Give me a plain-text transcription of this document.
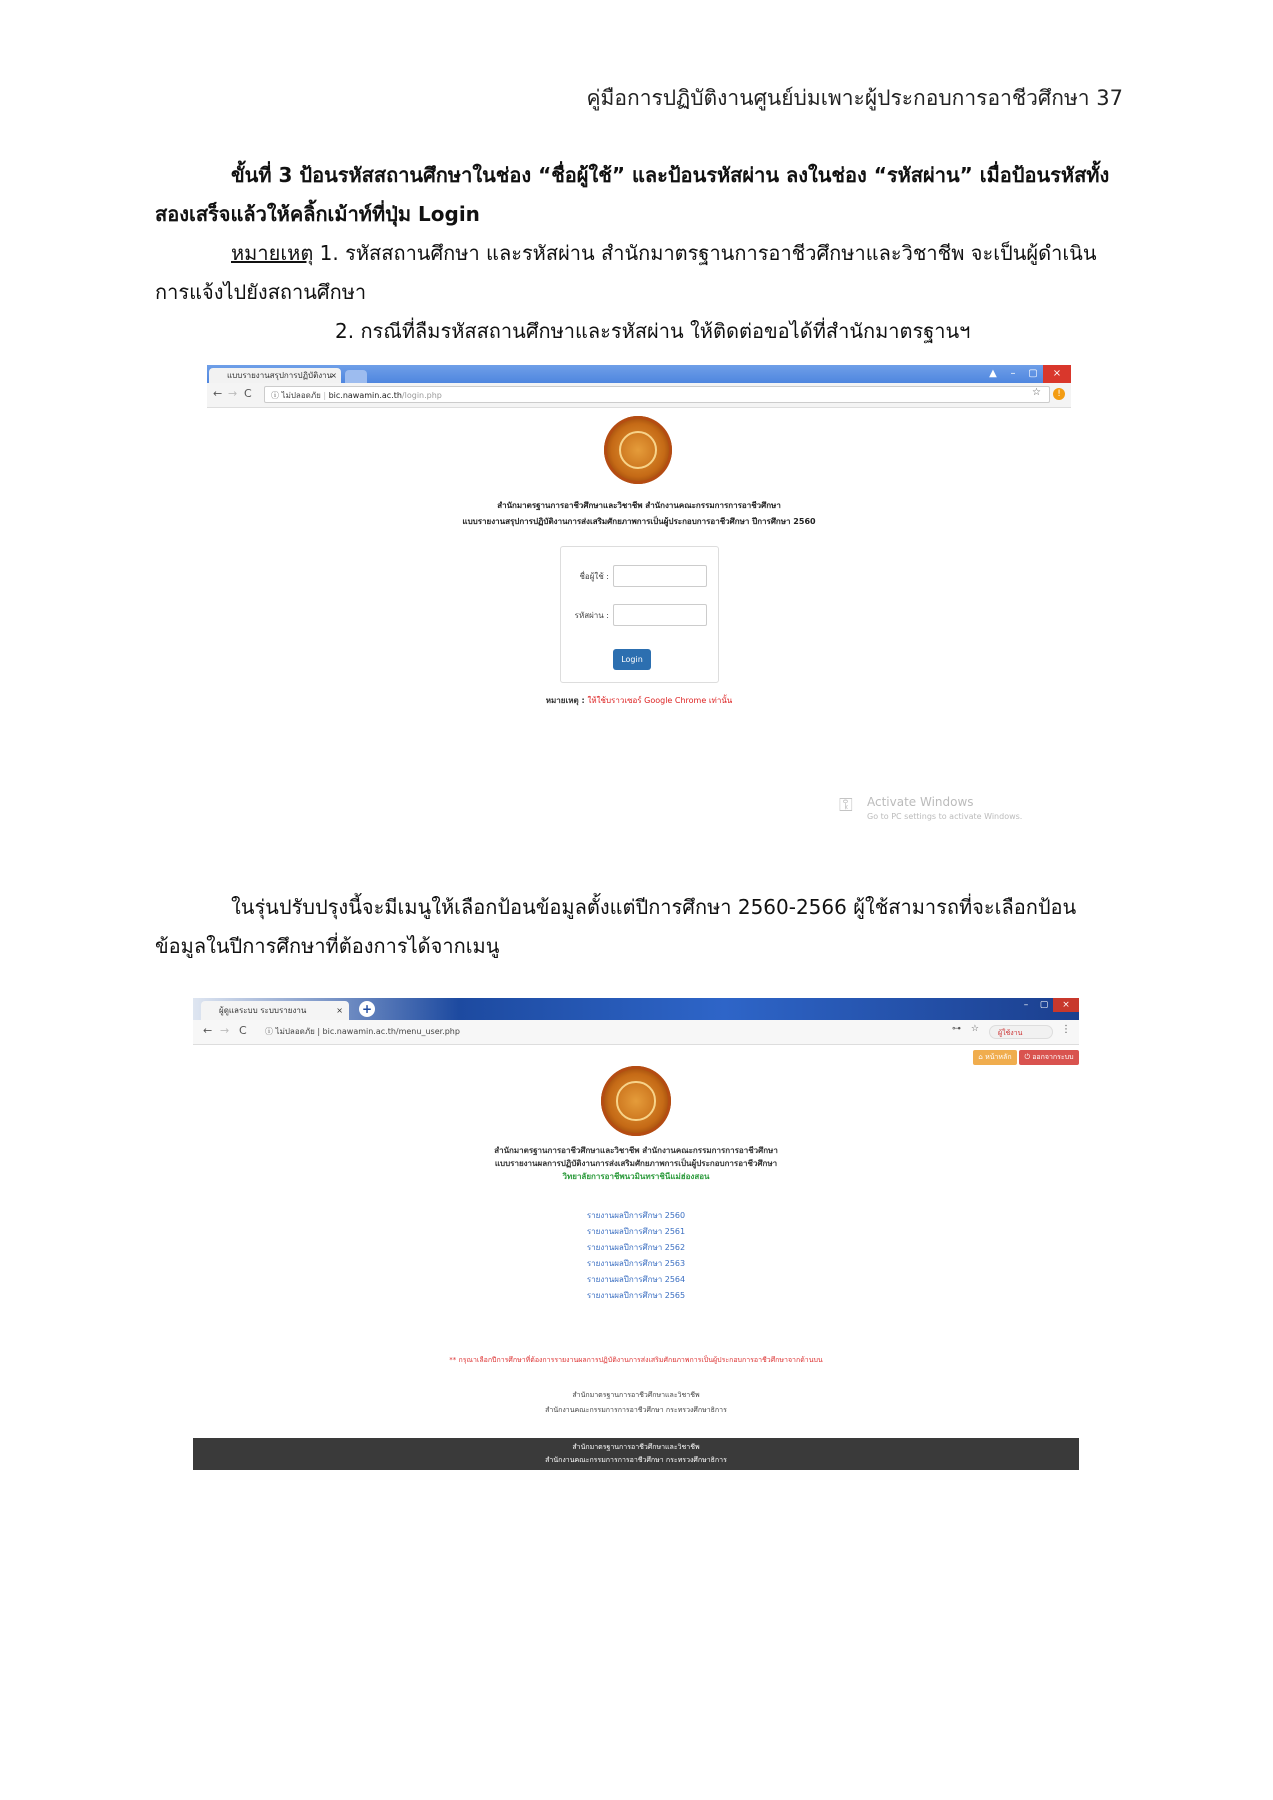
คู่มือการปฏิบัติงานศูนย์บ่มเพาะผู้ประกอบการอาชีวศึกษา 37
ขั้นที่ 3 ป้อนรหัสสถานศึกษาในช่อง “ชื่อผู้ใช้” และป้อนรหัสผ่าน ลงในช่อง “รหัสผ่าน” เมื่อป้อนรหัสทั้งสองเสร็จแล้วให้คลิ้กเม้าท์ที่ปุ่ม Login
หมายเหตุ 1. รหัสสถานศึกษา และรหัสผ่าน สำนักมาตรฐานการอาชีวศึกษาและวิชาชีพ จะเป็นผู้ดำเนินการแจ้งไปยังสถานศึกษา
2. กรณีที่ลืมรหัสสถานศึกษาและรหัสผ่าน ให้ติดต่อขอได้ที่สำนักมาตรฐานฯ
แบบรายงานสรุปการปฏิบัติงาน
×	▲	–	▢	×
← → C	ⓘ ไม่ปลอดภัย | bic.nawamin.ac.th/login.php	☆	!
สำนักมาตรฐานการอาชีวศึกษาและวิชาชีพ สำนักงานคณะกรรมการการอาชีวศึกษา
แบบรายงานสรุปการปฏิบัติงานการส่งเสริมศักยภาพการเป็นผู้ประกอบการอาชีวศึกษา ปีการศึกษา 2560
ชื่อผู้ใช้ :
รหัสผ่าน :
Login
หมายเหตุ : ให้ใช้บราวเซอร์ Google Chrome เท่านั้น
⚿	Activate Windows
Go to PC settings to activate Windows.
ในรุ่นปรับปรุงนี้จะมีเมนูให้เลือกป้อนข้อมูลตั้งแต่ปีการศึกษา 2560-2566 ผู้ใช้สามารถที่จะเลือกป้อนข้อมูลในปีการศึกษาที่ต้องการได้จากเมนู
ผู้ดูแลระบบ ระบบรายงาน	× +	–	▢	×
← → C ⓘ ไม่ปลอดภัย | bic.nawamin.ac.th/menu_user.php	⊶ ☆	ผู้ใช้งาน	⋮
⌂ หน้าหลัก	⏻ ออกจากระบบ
สำนักมาตรฐานการอาชีวศึกษาและวิชาชีพ สำนักงานคณะกรรมการการอาชีวศึกษา
แบบรายงานผลการปฏิบัติงานการส่งเสริมศักยภาพการเป็นผู้ประกอบการอาชีวศึกษา
วิทยาลัยการอาชีพนวมินทราชินีแม่ฮ่องสอน
รายงานผลปีการศึกษา 2560
รายงานผลปีการศึกษา 2561
รายงานผลปีการศึกษา 2562
รายงานผลปีการศึกษา 2563
รายงานผลปีการศึกษา 2564
รายงานผลปีการศึกษา 2565
** กรุณาเลือกปีการศึกษาที่ต้องการรายงานผลการปฏิบัติงานการส่งเสริมศักยภาพการเป็นผู้ประกอบการอาชีวศึกษาจากด้านบน
สำนักมาตรฐานการอาชีวศึกษาและวิชาชีพ
สำนักงานคณะกรรมการการอาชีวศึกษา กระทรวงศึกษาธิการ
สำนักมาตรฐานการอาชีวศึกษาและวิชาชีพ
สำนักงานคณะกรรมการการอาชีวศึกษา กระทรวงศึกษาธิการ
